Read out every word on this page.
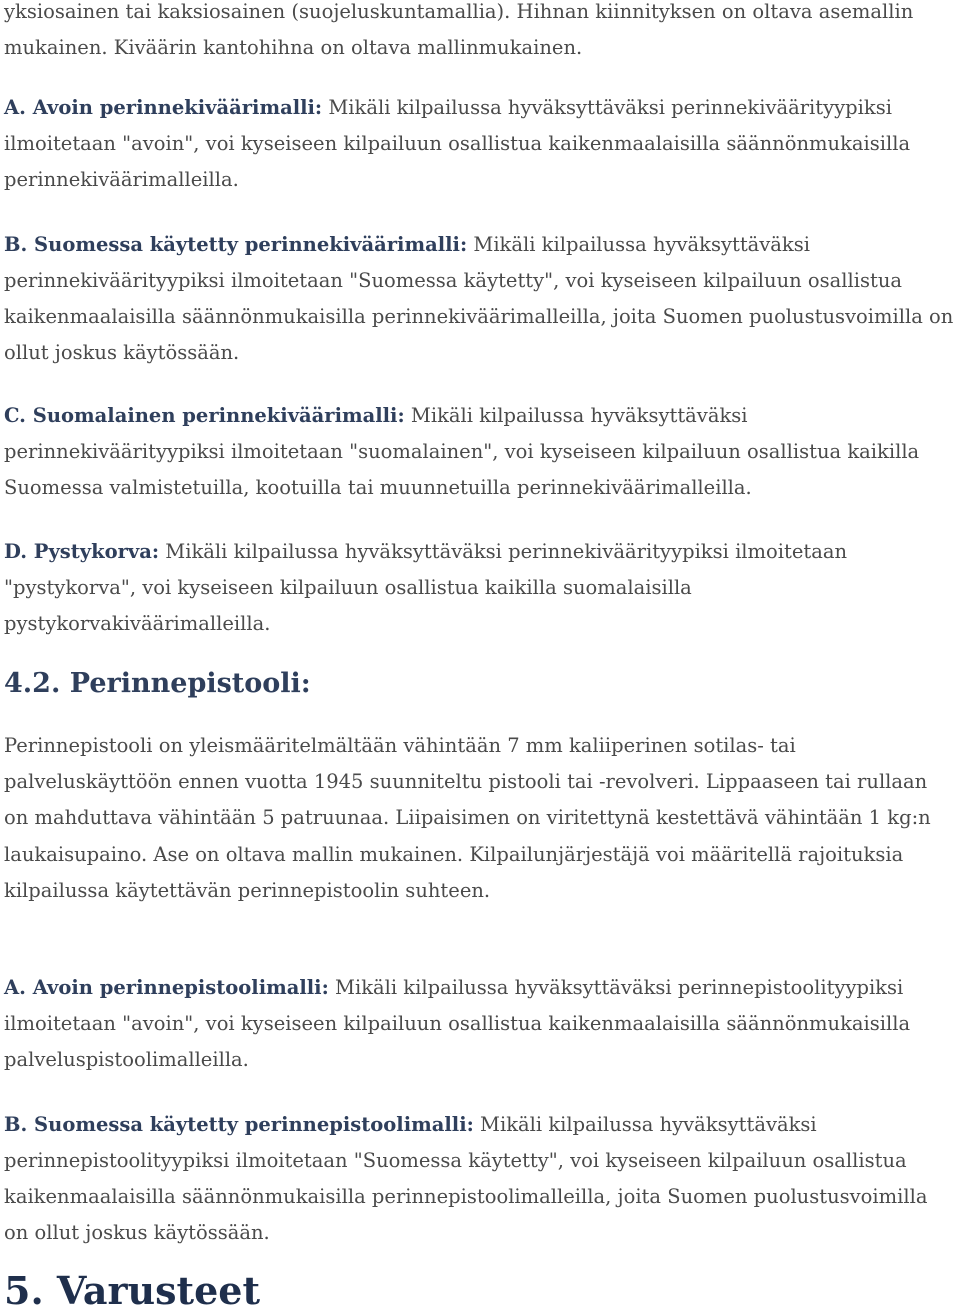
yksiosainen tai kaksiosainen (suojeluskuntamallia). Hihnan kiinnityksen on oltava asemallin mukainen. Kiväärin kantohihna on oltava mallinmukainen.

A. Avoin perinnekiväärimalli: Mikäli kilpailussa hyväksyttäväksi perinnekiväärityypiksi ilmoitetaan "avoin", voi kyseiseen kilpailuun osallistua kaikenmaalaisilla säännönmukaisilla perinnekiväärimalleilla.

B. Suomessa käytetty perinnekiväärimalli: Mikäli kilpailussa hyväksyttäväksi perinnekiväärityypiksi ilmoitetaan "Suomessa käytetty", voi kyseiseen kilpailuun osallistua kaikenmaalaisilla säännönmukaisilla perinnekiväärimalleilla, joita Suomen puolustusvoimilla on ollut joskus käytössään.

C. Suomalainen perinnekiväärimalli: Mikäli kilpailussa hyväksyttäväksi perinnekiväärityypiksi ilmoitetaan "suomalainen", voi kyseiseen kilpailuun osallistua kaikilla Suomessa valmistetuilla, kootuilla tai muunnetuilla perinnekiväärimalleilla.

D. Pystykorva: Mikäli kilpailussa hyväksyttäväksi perinnekiväärityypiksi ilmoitetaan "pystykorva", voi kyseiseen kilpailuun osallistua kaikilla suomalaisilla pystykorvakiväärimalleilla.

4.2. Perinnepistooli:

Perinnepistooli on yleismääritelmältään vähintään 7 mm kaliiperinen sotilas- tai palveluskäyttöön ennen vuotta 1945 suunniteltu pistooli tai -revolveri. Lippaaseen tai rullaan on mahduttava vähintään 5 patruunaa. Liipaisimen on viritettynä kestettävä vähintään 1 kg:n laukaisupaino. Ase on oltava mallin mukainen. Kilpailunjärjestäjä voi määritellä rajoituksia kilpailussa käytettävän perinnepistoolin suhteen.

A. Avoin perinnepistoolimalli: Mikäli kilpailussa hyväksyttäväksi perinnepistoolityypiksi ilmoitetaan "avoin", voi kyseiseen kilpailuun osallistua kaikenmaalaisilla säännönmukaisilla palveluspistoolimalleilla.

B. Suomessa käytetty perinnepistoolimalli: Mikäli kilpailussa hyväksyttäväksi perinnepistoolityypiksi ilmoitetaan "Suomessa käytetty", voi kyseiseen kilpailuun osallistua kaikenmaalaisilla säännönmukaisilla perinnepistoolimalleilla, joita Suomen puolustusvoimilla on ollut joskus käytössään.

5. Varusteet
